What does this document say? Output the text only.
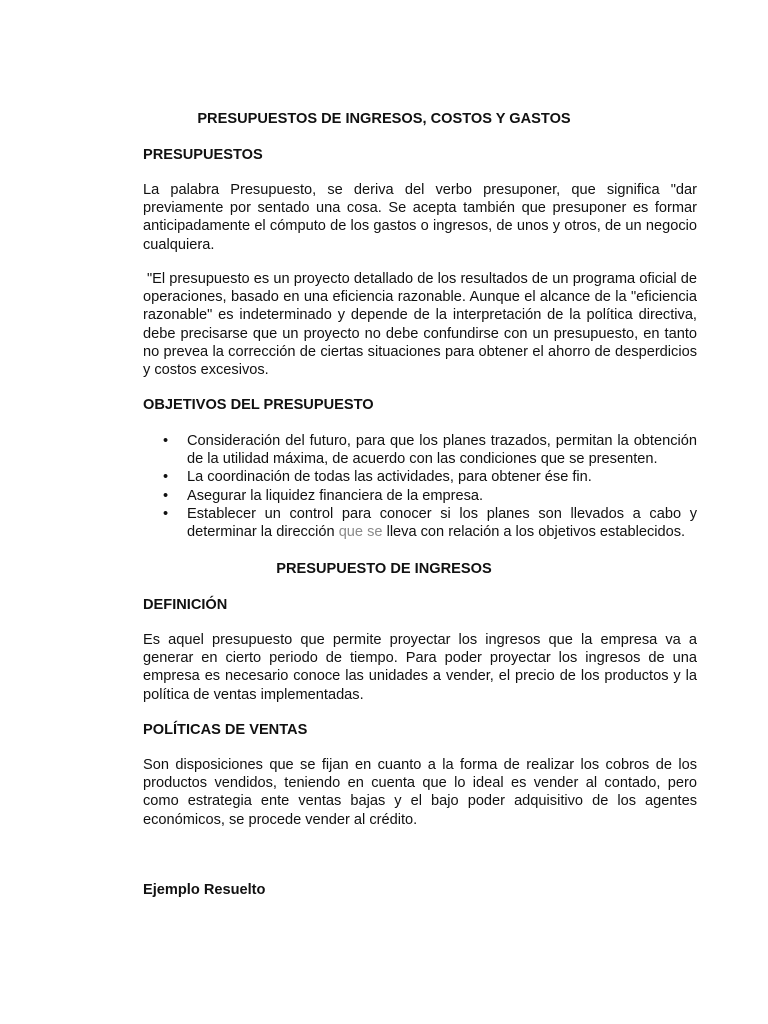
PRESUPUESTOS DE INGRESOS, COSTOS Y GASTOS
PRESUPUESTOS

La palabra Presupuesto, se deriva del verbo presuponer, que significa "dar previamente por sentado una cosa. Se acepta también que presuponer es formar anticipadamente el cómputo de los gastos o ingresos, de unos y otros, de un negocio cualquiera.

"El presupuesto es un proyecto detallado de los resultados de un programa oficial de operaciones, basado en una eficiencia razonable. Aunque el alcance de la "eficiencia razonable" es indeterminado y depende de la interpretación de la política directiva, debe precisarse que un proyecto no debe confundirse con un presupuesto, en tanto no prevea la corrección de ciertas situaciones para obtener el ahorro de desperdicios y costos excesivos.

OBJETIVOS DEL PRESUPUESTO
• Consideración del futuro, para que los planes trazados, permitan la obtención de la utilidad máxima, de acuerdo con las condiciones que se presenten.
• La coordinación de todas las actividades, para obtener ése fin.
• Asegurar la liquidez financiera de la empresa.
• Establecer un control para conocer si los planes son llevados a cabo y determinar la dirección que se lleva con relación a los objetivos establecidos.
PRESUPUESTO DE INGRESOS
DEFINICIÓN

Es aquel presupuesto que permite proyectar los ingresos que la empresa va a generar en cierto periodo de tiempo. Para poder proyectar los ingresos de una empresa es necesario conoce las unidades a vender, el precio de los productos y la política de ventas implementadas.

POLÍTICAS DE VENTAS

Son disposiciones que se fijan en cuanto a la forma de realizar los cobros de los productos vendidos, teniendo en cuenta que lo ideal es vender al contado, pero como estrategia ente ventas bajas y el bajo poder adquisitivo de los agentes económicos, se procede vender al crédito.

Ejemplo Resuelto
